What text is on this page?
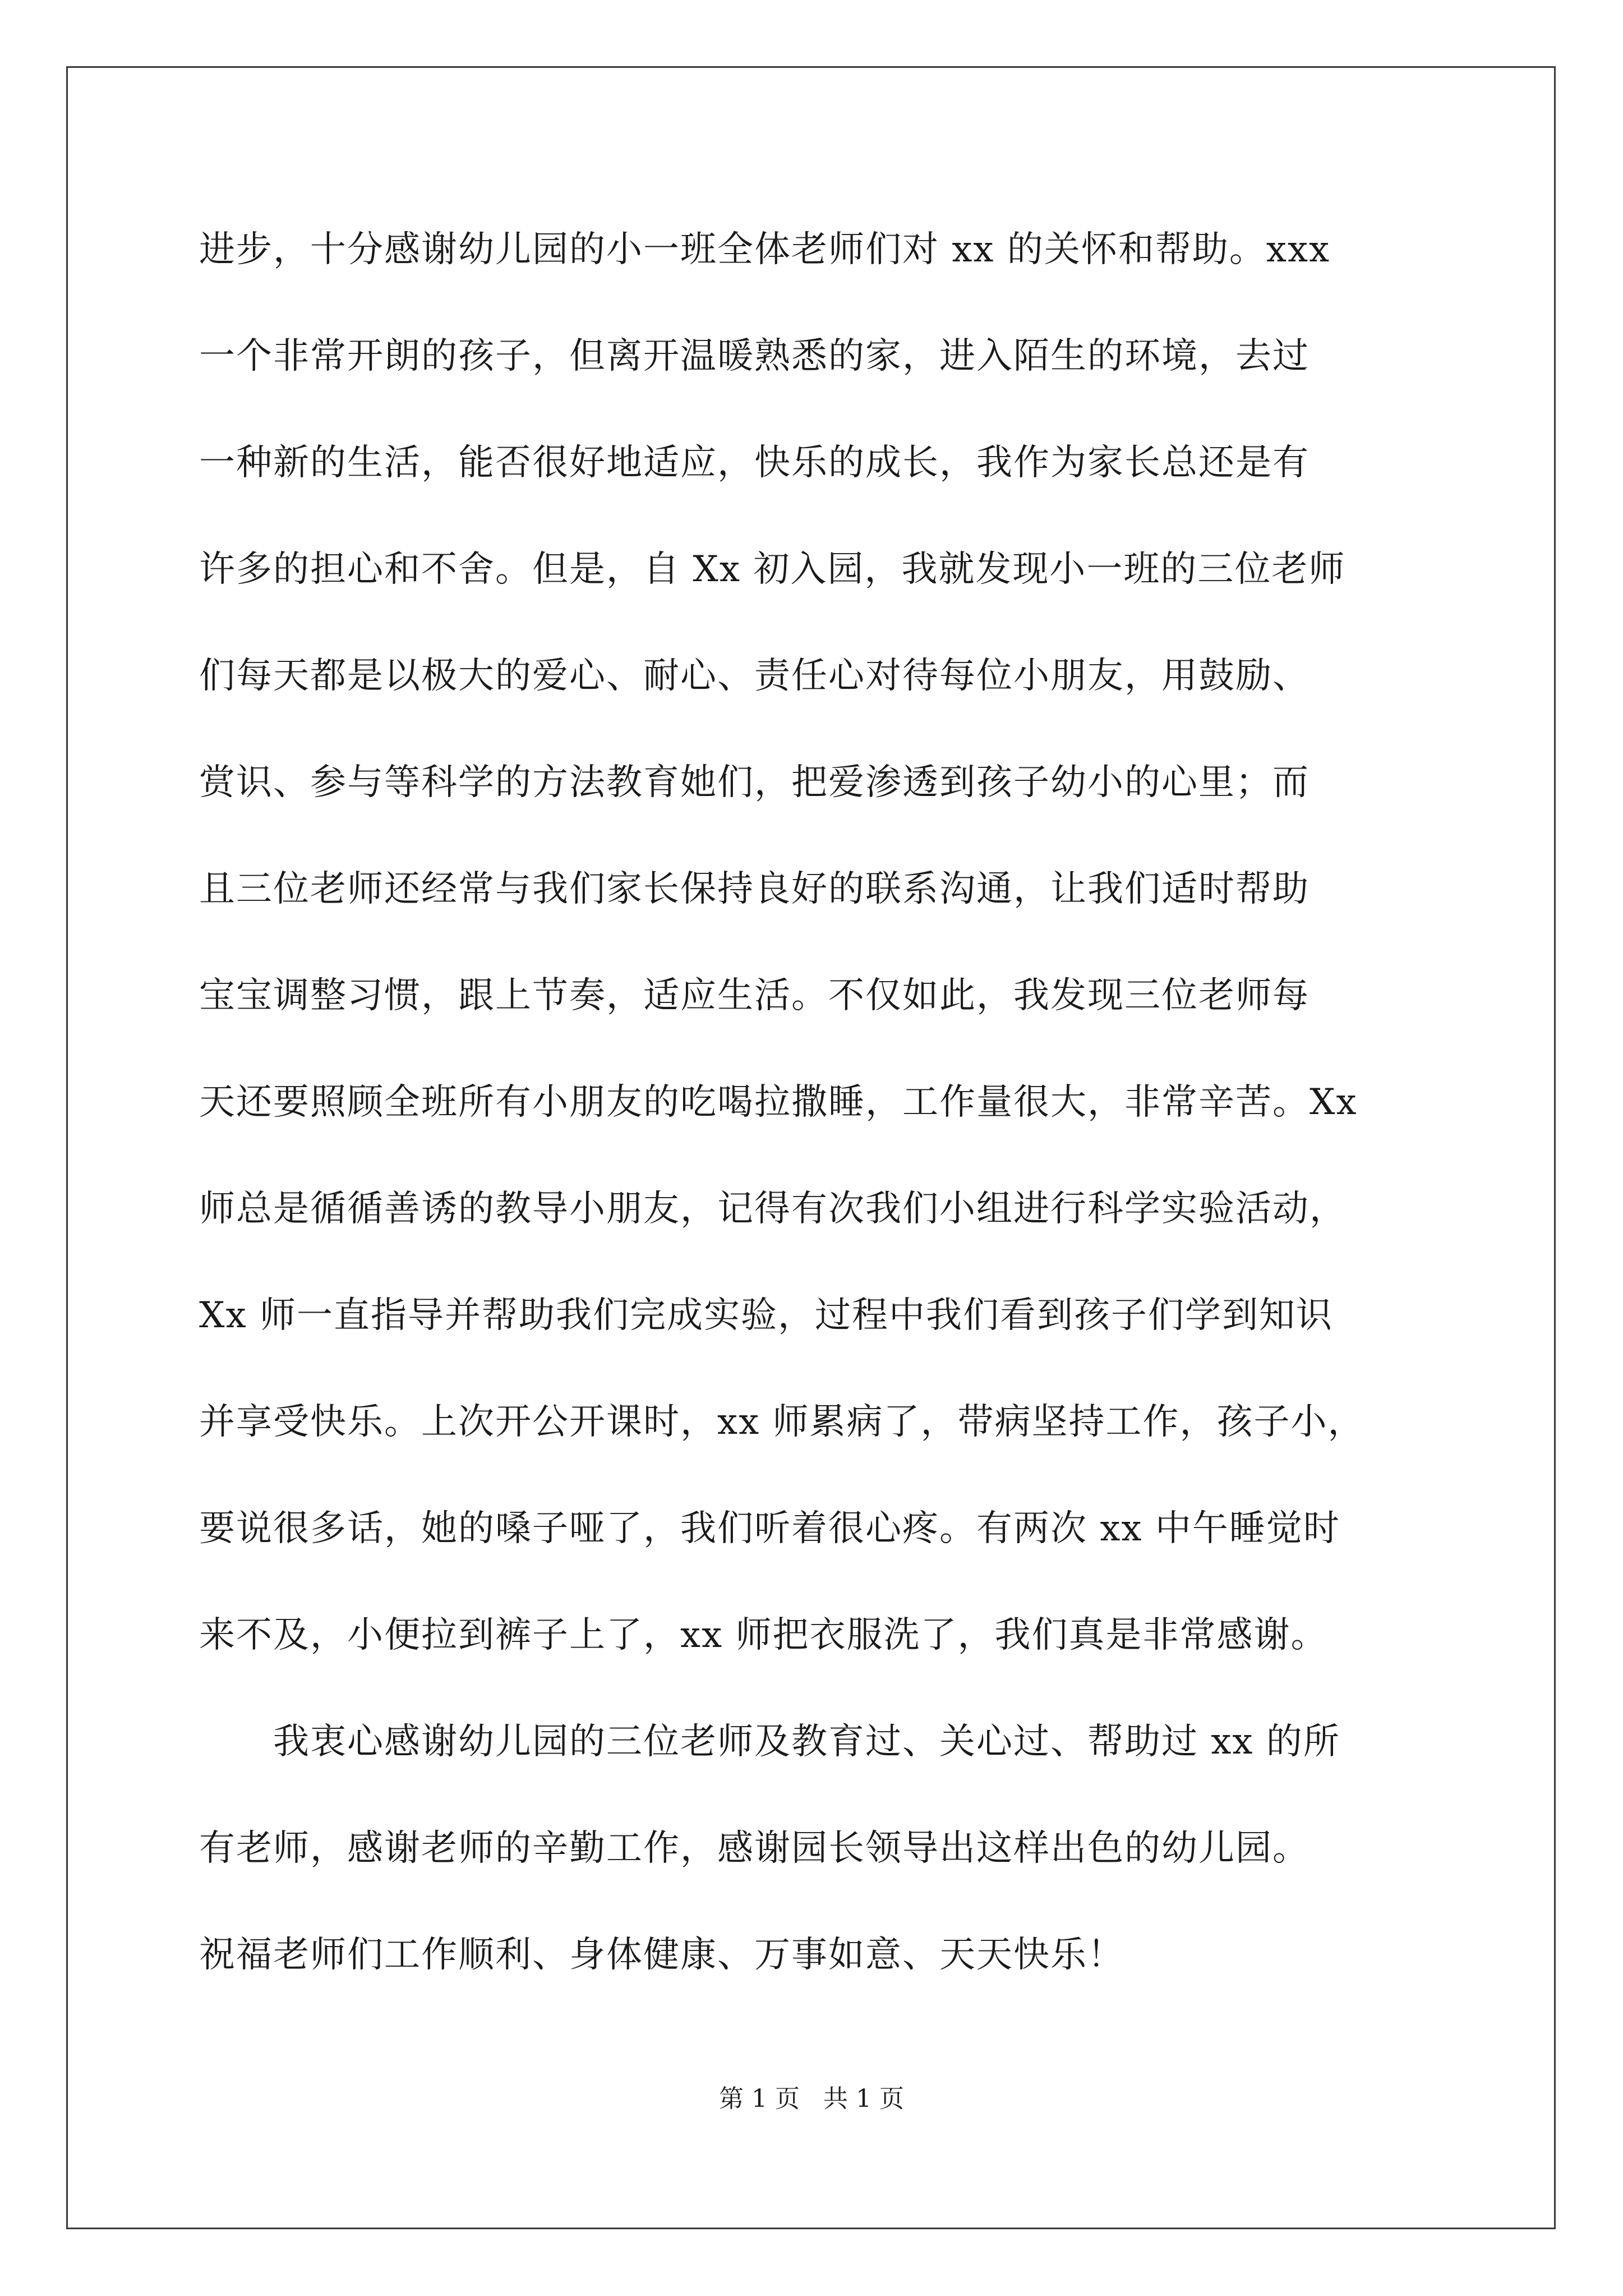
进步，十分感谢幼儿园的小一班全体老师们对 xx 的关怀和帮助。xxx
一个非常开朗的孩子，但离开温暖熟悉的家，进入陌生的环境，去过
一种新的生活，能否很好地适应，快乐的成长，我作为家长总还是有
许多的担心和不舍。但是，自 Xx 初入园，我就发现小一班的三位老师
们每天都是以极大的爱心、耐心、责任心对待每位小朋友，用鼓励、
赏识、参与等科学的方法教育她们，把爱渗透到孩子幼小的心里；而
且三位老师还经常与我们家长保持良好的联系沟通，让我们适时帮助
宝宝调整习惯，跟上节奏，适应生活。不仅如此，我发现三位老师每
天还要照顾全班所有小朋友的吃喝拉撒睡，工作量很大，非常辛苦。Xx
师总是循循善诱的教导小朋友，记得有次我们小组进行科学实验活动，
Xx 师一直指导并帮助我们完成实验，过程中我们看到孩子们学到知识
并享受快乐。上次开公开课时，xx 师累病了，带病坚持工作，孩子小，
要说很多话，她的嗓子哑了，我们听着很心疼。有两次 xx 中午睡觉时
来不及，小便拉到裤子上了，xx 师把衣服洗了，我们真是非常感谢。
　　我衷心感谢幼儿园的三位老师及教育过、关心过、帮助过 xx 的所
有老师，感谢老师的辛勤工作，感谢园长领导出这样出色的幼儿园。
祝福老师们工作顺利、身体健康、万事如意、天天快乐！
第 1 页   共 1 页
